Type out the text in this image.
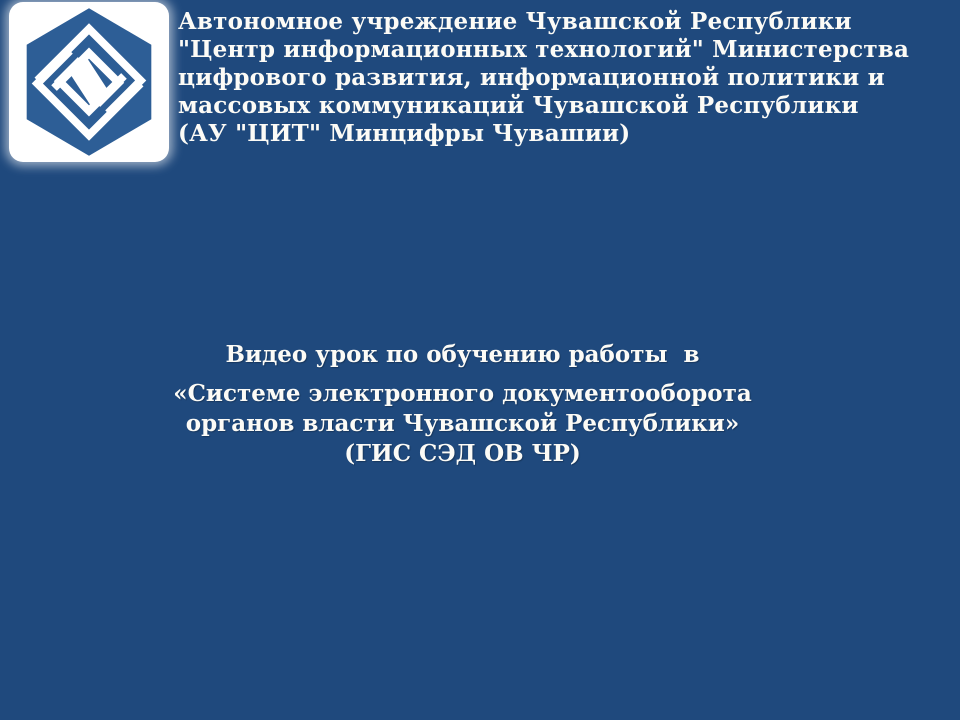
Автономное учреждение Чувашской Республики
"Центр информационных технологий" Министерства
цифрового развития, информационной политики и
массовых коммуникаций Чувашской Республики
(АУ "ЦИТ" Минцифры Чувашии)
Видео урок по обучению работы  в
«Системе электронного документооборота
органов власти Чувашской Республики»
(ГИС СЭД ОВ ЧР)
